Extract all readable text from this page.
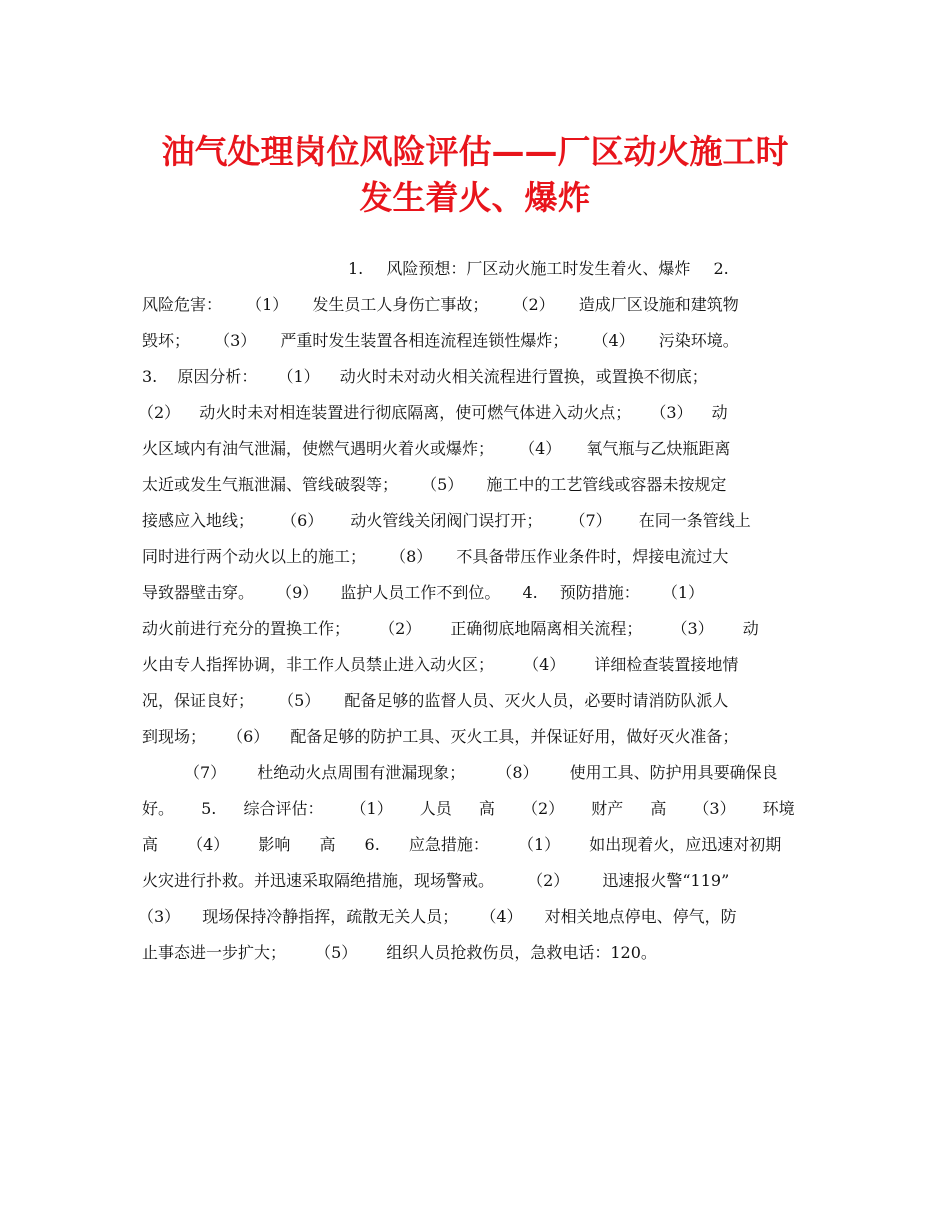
油气处理岗位风险评估——厂区动火施工时
发生着火、爆炸
1. 风险预想：厂区动火施工时发生着火、爆炸 2.
风险危害： （1） 发生员工人身伤亡事故； （2） 造成厂区设施和建筑物
毁坏； （3） 严重时发生装置各相连流程连锁性爆炸； （4） 污染环境。
3. 原因分析： （1） 动火时未对动火相关流程进行置换，或置换不彻底；
（2） 动火时未对相连装置进行彻底隔离，使可燃气体进入动火点； （3） 动
火区域内有油气泄漏，使燃气遇明火着火或爆炸； （4） 氧气瓶与乙炔瓶距离
太近或发生气瓶泄漏、管线破裂等； （5） 施工中的工艺管线或容器未按规定
接感应入地线； （6） 动火管线关闭阀门误打开； （7） 在同一条管线上
同时进行两个动火以上的施工； （8） 不具备带压作业条件时，焊接电流过大
导致器壁击穿。 （9） 监护人员工作不到位。 4. 预防措施： （1）
动火前进行充分的置换工作； （2） 正确彻底地隔离相关流程； （3） 动
火由专人指挥协调，非工作人员禁止进入动火区； （4） 详细检查装置接地情
况，保证良好； （5） 配备足够的监督人员、灭火人员，必要时请消防队派人
到现场； （6） 配备足够的防护工具、灭火工具，并保证好用，做好灭火准备；
（7） 杜绝动火点周围有泄漏现象； （8） 使用工具、防护用具要确保良
好。 5. 综合评估： （1） 人员 高 （2） 财产 高 （3） 环境
高 （4） 影响 高 6. 应急措施： （1） 如出现着火，应迅速对初期
火灾进行扑救。并迅速采取隔绝措施，现场警戒。 （2） 迅速报火警“119”
（3） 现场保持冷静指挥，疏散无关人员； （4） 对相关地点停电、停气，防
止事态进一步扩大； （5） 组织人员抢救伤员，急救电话：120。
